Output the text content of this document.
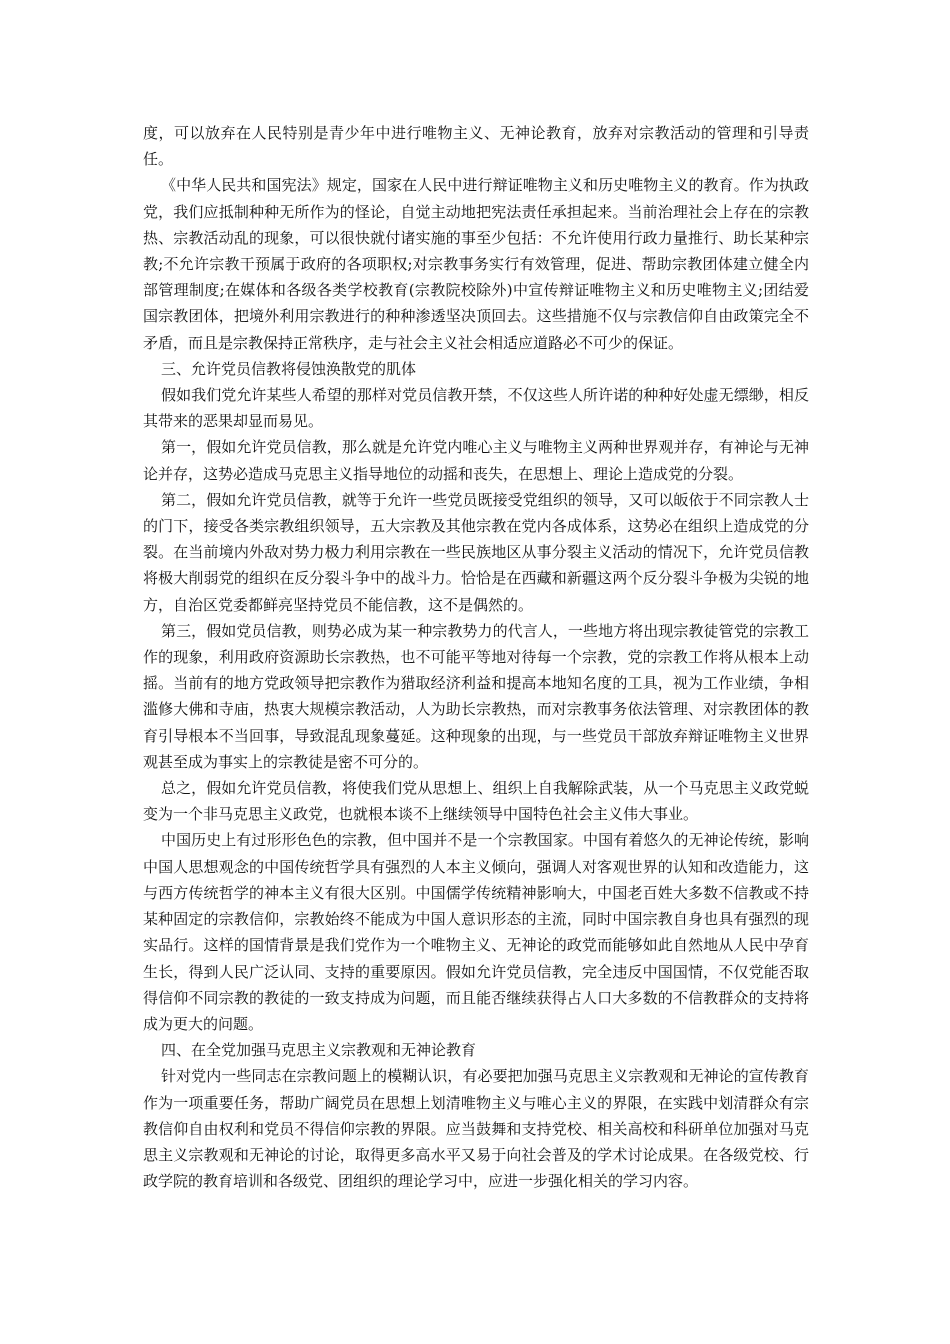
度，可以放弃在人民特别是青少年中进行唯物主义、无神论教育，放弃对宗教活动的管理和引导责任。

《中华人民共和国宪法》规定，国家在人民中进行辩证唯物主义和历史唯物主义的教育。作为执政党，我们应抵制种种无所作为的怪论，自觉主动地把宪法责任承担起来。当前治理社会上存在的宗教热、宗教活动乱的现象，可以很快就付诸实施的事至少包括：不允许使用行政力量推行、助长某种宗教;不允许宗教干预属于政府的各项职权;对宗教事务实行有效管理，促进、帮助宗教团体建立健全内部管理制度;在媒体和各级各类学校教育(宗教院校除外)中宣传辩证唯物主义和历史唯物主义;团结爱国宗教团体，把境外利用宗教进行的种种渗透坚决顶回去。这些措施不仅与宗教信仰自由政策完全不矛盾，而且是宗教保持正常秩序，走与社会主义社会相适应道路必不可少的保证。

三、允许党员信教将侵蚀涣散党的肌体

假如我们党允许某些人希望的那样对党员信教开禁，不仅这些人所许诺的种种好处虚无缥缈，相反其带来的恶果却显而易见。

第一，假如允许党员信教，那么就是允许党内唯心主义与唯物主义两种世界观并存，有神论与无神论并存，这势必造成马克思主义指导地位的动摇和丧失，在思想上、理论上造成党的分裂。

第二，假如允许党员信教，就等于允许一些党员既接受党组织的领导，又可以皈依于不同宗教人士的门下，接受各类宗教组织领导，五大宗教及其他宗教在党内各成体系，这势必在组织上造成党的分裂。在当前境内外敌对势力极力利用宗教在一些民族地区从事分裂主义活动的情况下，允许党员信教将极大削弱党的组织在反分裂斗争中的战斗力。恰恰是在西藏和新疆这两个反分裂斗争极为尖锐的地方，自治区党委都鲜亮坚持党员不能信教，这不是偶然的。

第三，假如党员信教，则势必成为某一种宗教势力的代言人，一些地方将出现宗教徒管党的宗教工作的现象，利用政府资源助长宗教热，也不可能平等地对待每一个宗教，党的宗教工作将从根本上动摇。当前有的地方党政领导把宗教作为猎取经济利益和提高本地知名度的工具，视为工作业绩，争相滥修大佛和寺庙，热衷大规模宗教活动，人为助长宗教热，而对宗教事务依法管理、对宗教团体的教育引导根本不当回事，导致混乱现象蔓延。这种现象的出现，与一些党员干部放弃辩证唯物主义世界观甚至成为事实上的宗教徒是密不可分的。

总之，假如允许党员信教，将使我们党从思想上、组织上自我解除武装，从一个马克思主义政党蜕变为一个非马克思主义政党，也就根本谈不上继续领导中国特色社会主义伟大事业。

中国历史上有过形形色色的宗教，但中国并不是一个宗教国家。中国有着悠久的无神论传统，影响中国人思想观念的中国传统哲学具有强烈的人本主义倾向，强调人对客观世界的认知和改造能力，这与西方传统哲学的神本主义有很大区别。中国儒学传统精神影响大，中国老百姓大多数不信教或不持某种固定的宗教信仰，宗教始终不能成为中国人意识形态的主流，同时中国宗教自身也具有强烈的现实品行。这样的国情背景是我们党作为一个唯物主义、无神论的政党而能够如此自然地从人民中孕育生长，得到人民广泛认同、支持的重要原因。假如允许党员信教，完全违反中国国情，不仅党能否取得信仰不同宗教的教徒的一致支持成为问题，而且能否继续获得占人口大多数的不信教群众的支持将成为更大的问题。

四、在全党加强马克思主义宗教观和无神论教育

针对党内一些同志在宗教问题上的模糊认识，有必要把加强马克思主义宗教观和无神论的宣传教育作为一项重要任务，帮助广阔党员在思想上划清唯物主义与唯心主义的界限，在实践中划清群众有宗教信仰自由权利和党员不得信仰宗教的界限。应当鼓舞和支持党校、相关高校和科研单位加强对马克思主义宗教观和无神论的讨论，取得更多高水平又易于向社会普及的学术讨论成果。在各级党校、行政学院的教育培训和各级党、团组织的理论学习中，应进一步强化相关的学习内容。
